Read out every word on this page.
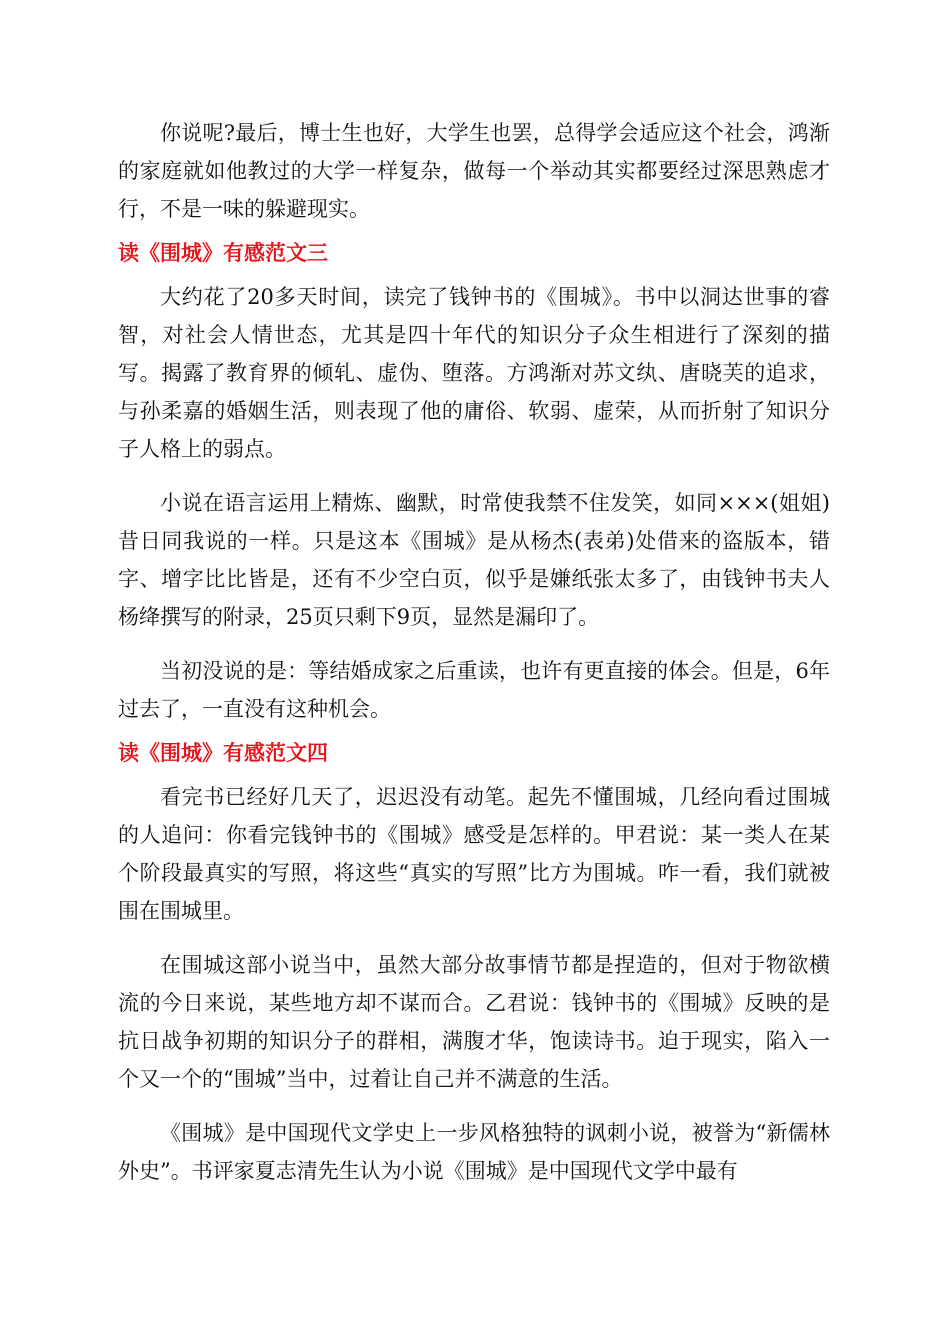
你说呢?最后，博士生也好，大学生也罢，总得学会适应这个社会，鸿渐的家庭就如他教过的大学一样复杂，做每一个举动其实都要经过深思熟虑才行，不是一味的躲避现实。

读《围城》有感范文三

大约花了20多天时间，读完了钱钟书的《围城》。书中以洞达世事的睿智，对社会人情世态，尤其是四十年代的知识分子众生相进行了深刻的描写。揭露了教育界的倾轧、虚伪、堕落。方鸿渐对苏文纨、唐晓芙的追求，与孙柔嘉的婚姻生活，则表现了他的庸俗、软弱、虚荣，从而折射了知识分子人格上的弱点。

小说在语言运用上精炼、幽默，时常使我禁不住发笑，如同×××(姐姐)昔日同我说的一样。只是这本《围城》是从杨杰(表弟)处借来的盗版本，错字、增字比比皆是，还有不少空白页，似乎是嫌纸张太多了，由钱钟书夫人杨绛撰写的附录，25页只剩下9页，显然是漏印了。

当初没说的是：等结婚成家之后重读，也许有更直接的体会。但是，6年过去了，一直没有这种机会。

读《围城》有感范文四

看完书已经好几天了，迟迟没有动笔。起先不懂围城，几经向看过围城的人追问：你看完钱钟书的《围城》感受是怎样的。甲君说：某一类人在某个阶段最真实的写照，将这些“真实的写照”比方为围城。咋一看，我们就被围在围城里。

在围城这部小说当中，虽然大部分故事情节都是捏造的，但对于物欲横流的今日来说，某些地方却不谋而合。乙君说：钱钟书的《围城》反映的是抗日战争初期的知识分子的群相，满腹才华，饱读诗书。迫于现实，陷入一个又一个的“围城”当中，过着让自己并不满意的生活。

《围城》是中国现代文学史上一步风格独特的讽刺小说，被誉为“新儒林外史”。书评家夏志清先生认为小说《围城》是中国现代文学中最有
